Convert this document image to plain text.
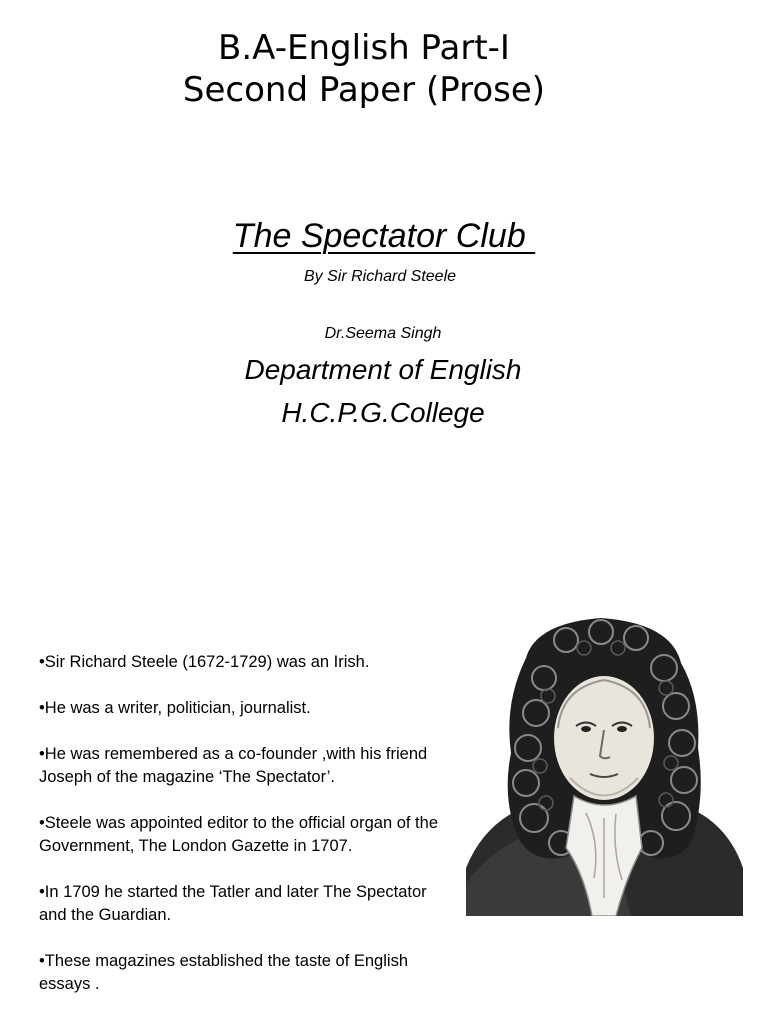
B.A-English Part-I
Second Paper (Prose)
The Spectator Club
By Sir Richard Steele
Dr.Seema Singh
Department of English
H.C.P.G.College
•Sir Richard Steele (1672-1729) was an Irish.
•He was a writer, politician, journalist.
•He was remembered as a co-founder ,with his friend Joseph of the magazine ‘The Spectator’.
•Steele was appointed editor to the official organ of the Government, The London Gazette in 1707.
•In 1709 he started the Tatler and later The Spectator and the Guardian.
•These magazines established the taste of English essays .
